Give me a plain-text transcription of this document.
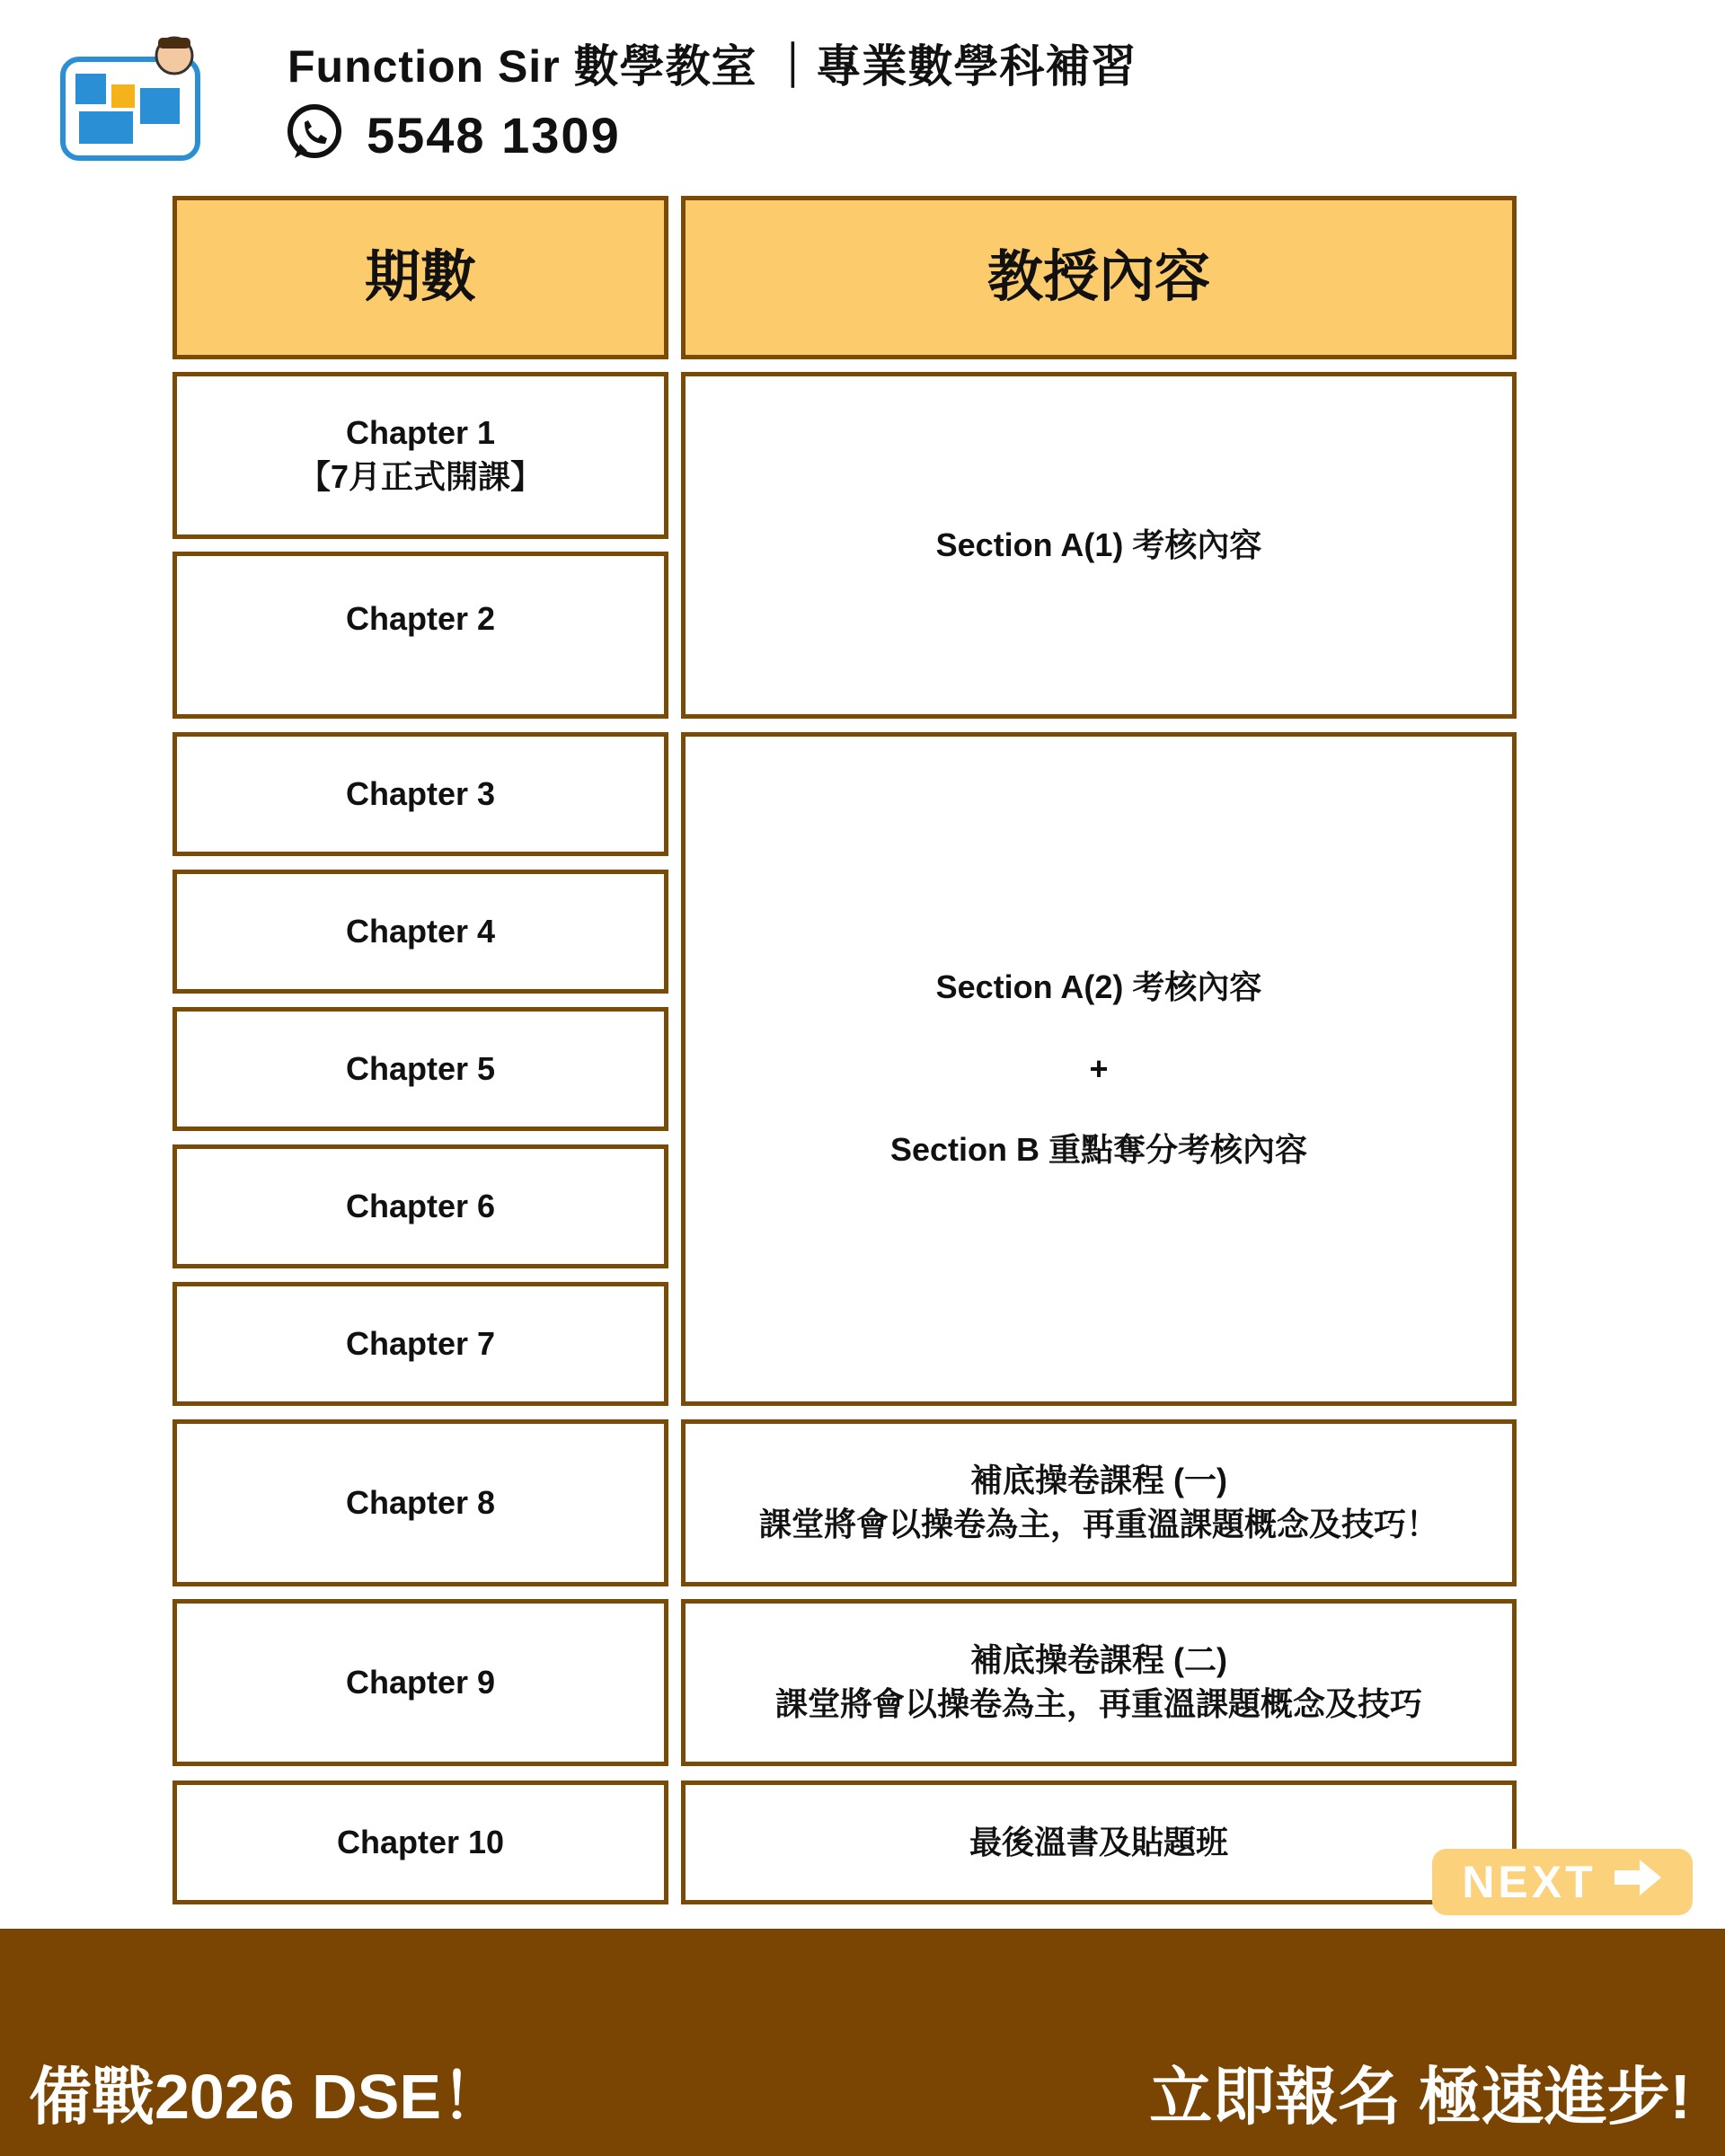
Function Sir 數學教室 ｜專業數學科補習
5548 1309
期數	教授內容
Chapter 1
【7月正式開課】
Chapter 2
Chapter 3
Chapter 4
Chapter 5
Chapter 6
Chapter 7
Chapter 8
Chapter 9
Chapter 10
Section A(1) 考核內容
Section A(2) 考核內容
+
Section B 重點奪分考核內容
補底操卷課程 (一)
課堂將會以操卷為主，再重溫課題概念及技巧！
補底操卷課程 (二)
課堂將會以操卷為主，再重溫課題概念及技巧
最後溫書及貼題班
NEXT
備戰2026 DSE！	立即報名 極速進步!
